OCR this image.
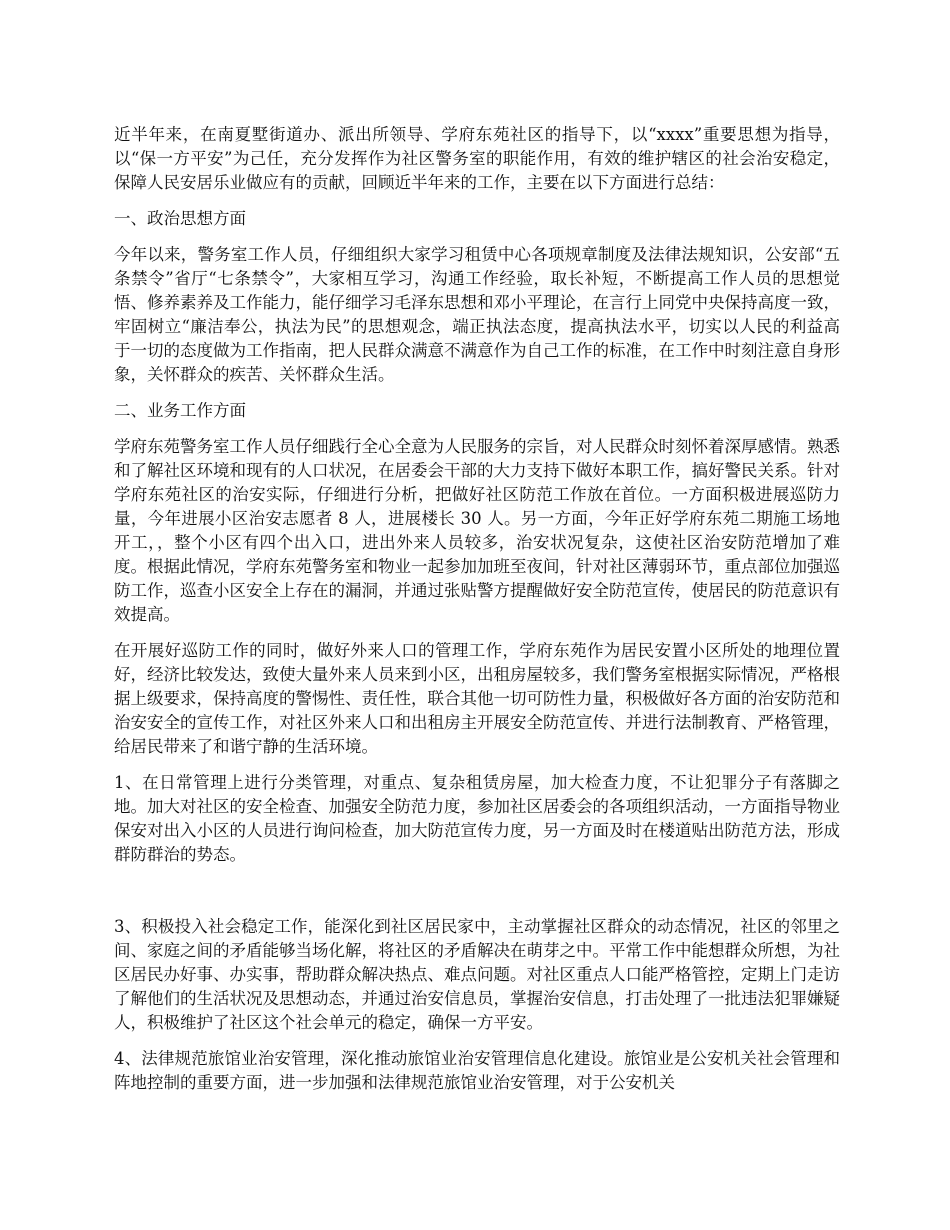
近半年来，在南夏墅街道办、派出所领导、学府东苑社区的指导下，以“xxxx”重要思想为指导，以“保一方平安”为己任，充分发挥作为社区警务室的职能作用，有效的维护辖区的社会治安稳定，保障人民安居乐业做应有的贡献，回顾近半年来的工作，主要在以下方面进行总结：

一、政治思想方面

今年以来，警务室工作人员，仔细组织大家学习租赁中心各项规章制度及法律法规知识，公安部“五条禁令”省厅“七条禁令”，大家相互学习，沟通工作经验，取长补短，不断提高工作人员的思想觉悟、修养素养及工作能力，能仔细学习毛泽东思想和邓小平理论，在言行上同党中央保持高度一致，牢固树立“廉洁奉公，执法为民”的思想观念，端正执法态度，提高执法水平，切实以人民的利益高于一切的态度做为工作指南，把人民群众满意不满意作为自己工作的标准，在工作中时刻注意自身形象，关怀群众的疾苦、关怀群众生活。

二、业务工作方面

学府东苑警务室工作人员仔细践行全心全意为人民服务的宗旨，对人民群众时刻怀着深厚感情。熟悉和了解社区环境和现有的人口状况，在居委会干部的大力支持下做好本职工作，搞好警民关系。针对学府东苑社区的治安实际，仔细进行分析，把做好社区防范工作放在首位。一方面积极进展巡防力量，今年进展小区治安志愿者 8 人，进展楼长 30 人。另一方面，今年正好学府东苑二期施工场地开工，，整个小区有四个出入口，进出外来人员较多，治安状况复杂，这使社区治安防范增加了难度。根据此情况，学府东苑警务室和物业一起参加加班至夜间，针对社区薄弱环节，重点部位加强巡防工作，巡查小区安全上存在的漏洞，并通过张贴警方提醒做好安全防范宣传，使居民的防范意识有效提高。

在开展好巡防工作的同时，做好外来人口的管理工作，学府东苑作为居民安置小区所处的地理位置好，经济比较发达，致使大量外来人员来到小区，出租房屋较多，我们警务室根据实际情况，严格根据上级要求，保持高度的警惕性、责任性，联合其他一切可防性力量，积极做好各方面的治安防范和治安安全的宣传工作，对社区外来人口和出租房主开展安全防范宣传、并进行法制教育、严格管理，给居民带来了和谐宁静的生活环境。

1、在日常管理上进行分类管理，对重点、复杂租赁房屋，加大检查力度，不让犯罪分子有落脚之地。加大对社区的安全检查、加强安全防范力度，参加社区居委会的各项组织活动，一方面指导物业保安对出入小区的人员进行询问检查，加大防范宣传力度，另一方面及时在楼道贴出防范方法，形成群防群治的势态。

3、积极投入社会稳定工作，能深化到社区居民家中，主动掌握社区群众的动态情况，社区的邻里之间、家庭之间的矛盾能够当场化解，将社区的矛盾解决在萌芽之中。平常工作中能想群众所想，为社区居民办好事、办实事，帮助群众解决热点、难点问题。对社区重点人口能严格管控，定期上门走访了解他们的生活状况及思想动态，并通过治安信息员，掌握治安信息，打击处理了一批违法犯罪嫌疑人，积极维护了社区这个社会单元的稳定，确保一方平安。

4、法律规范旅馆业治安管理，深化推动旅馆业治安管理信息化建设。旅馆业是公安机关社会管理和阵地控制的重要方面，进一步加强和法律规范旅馆业治安管理，对于公安机关
